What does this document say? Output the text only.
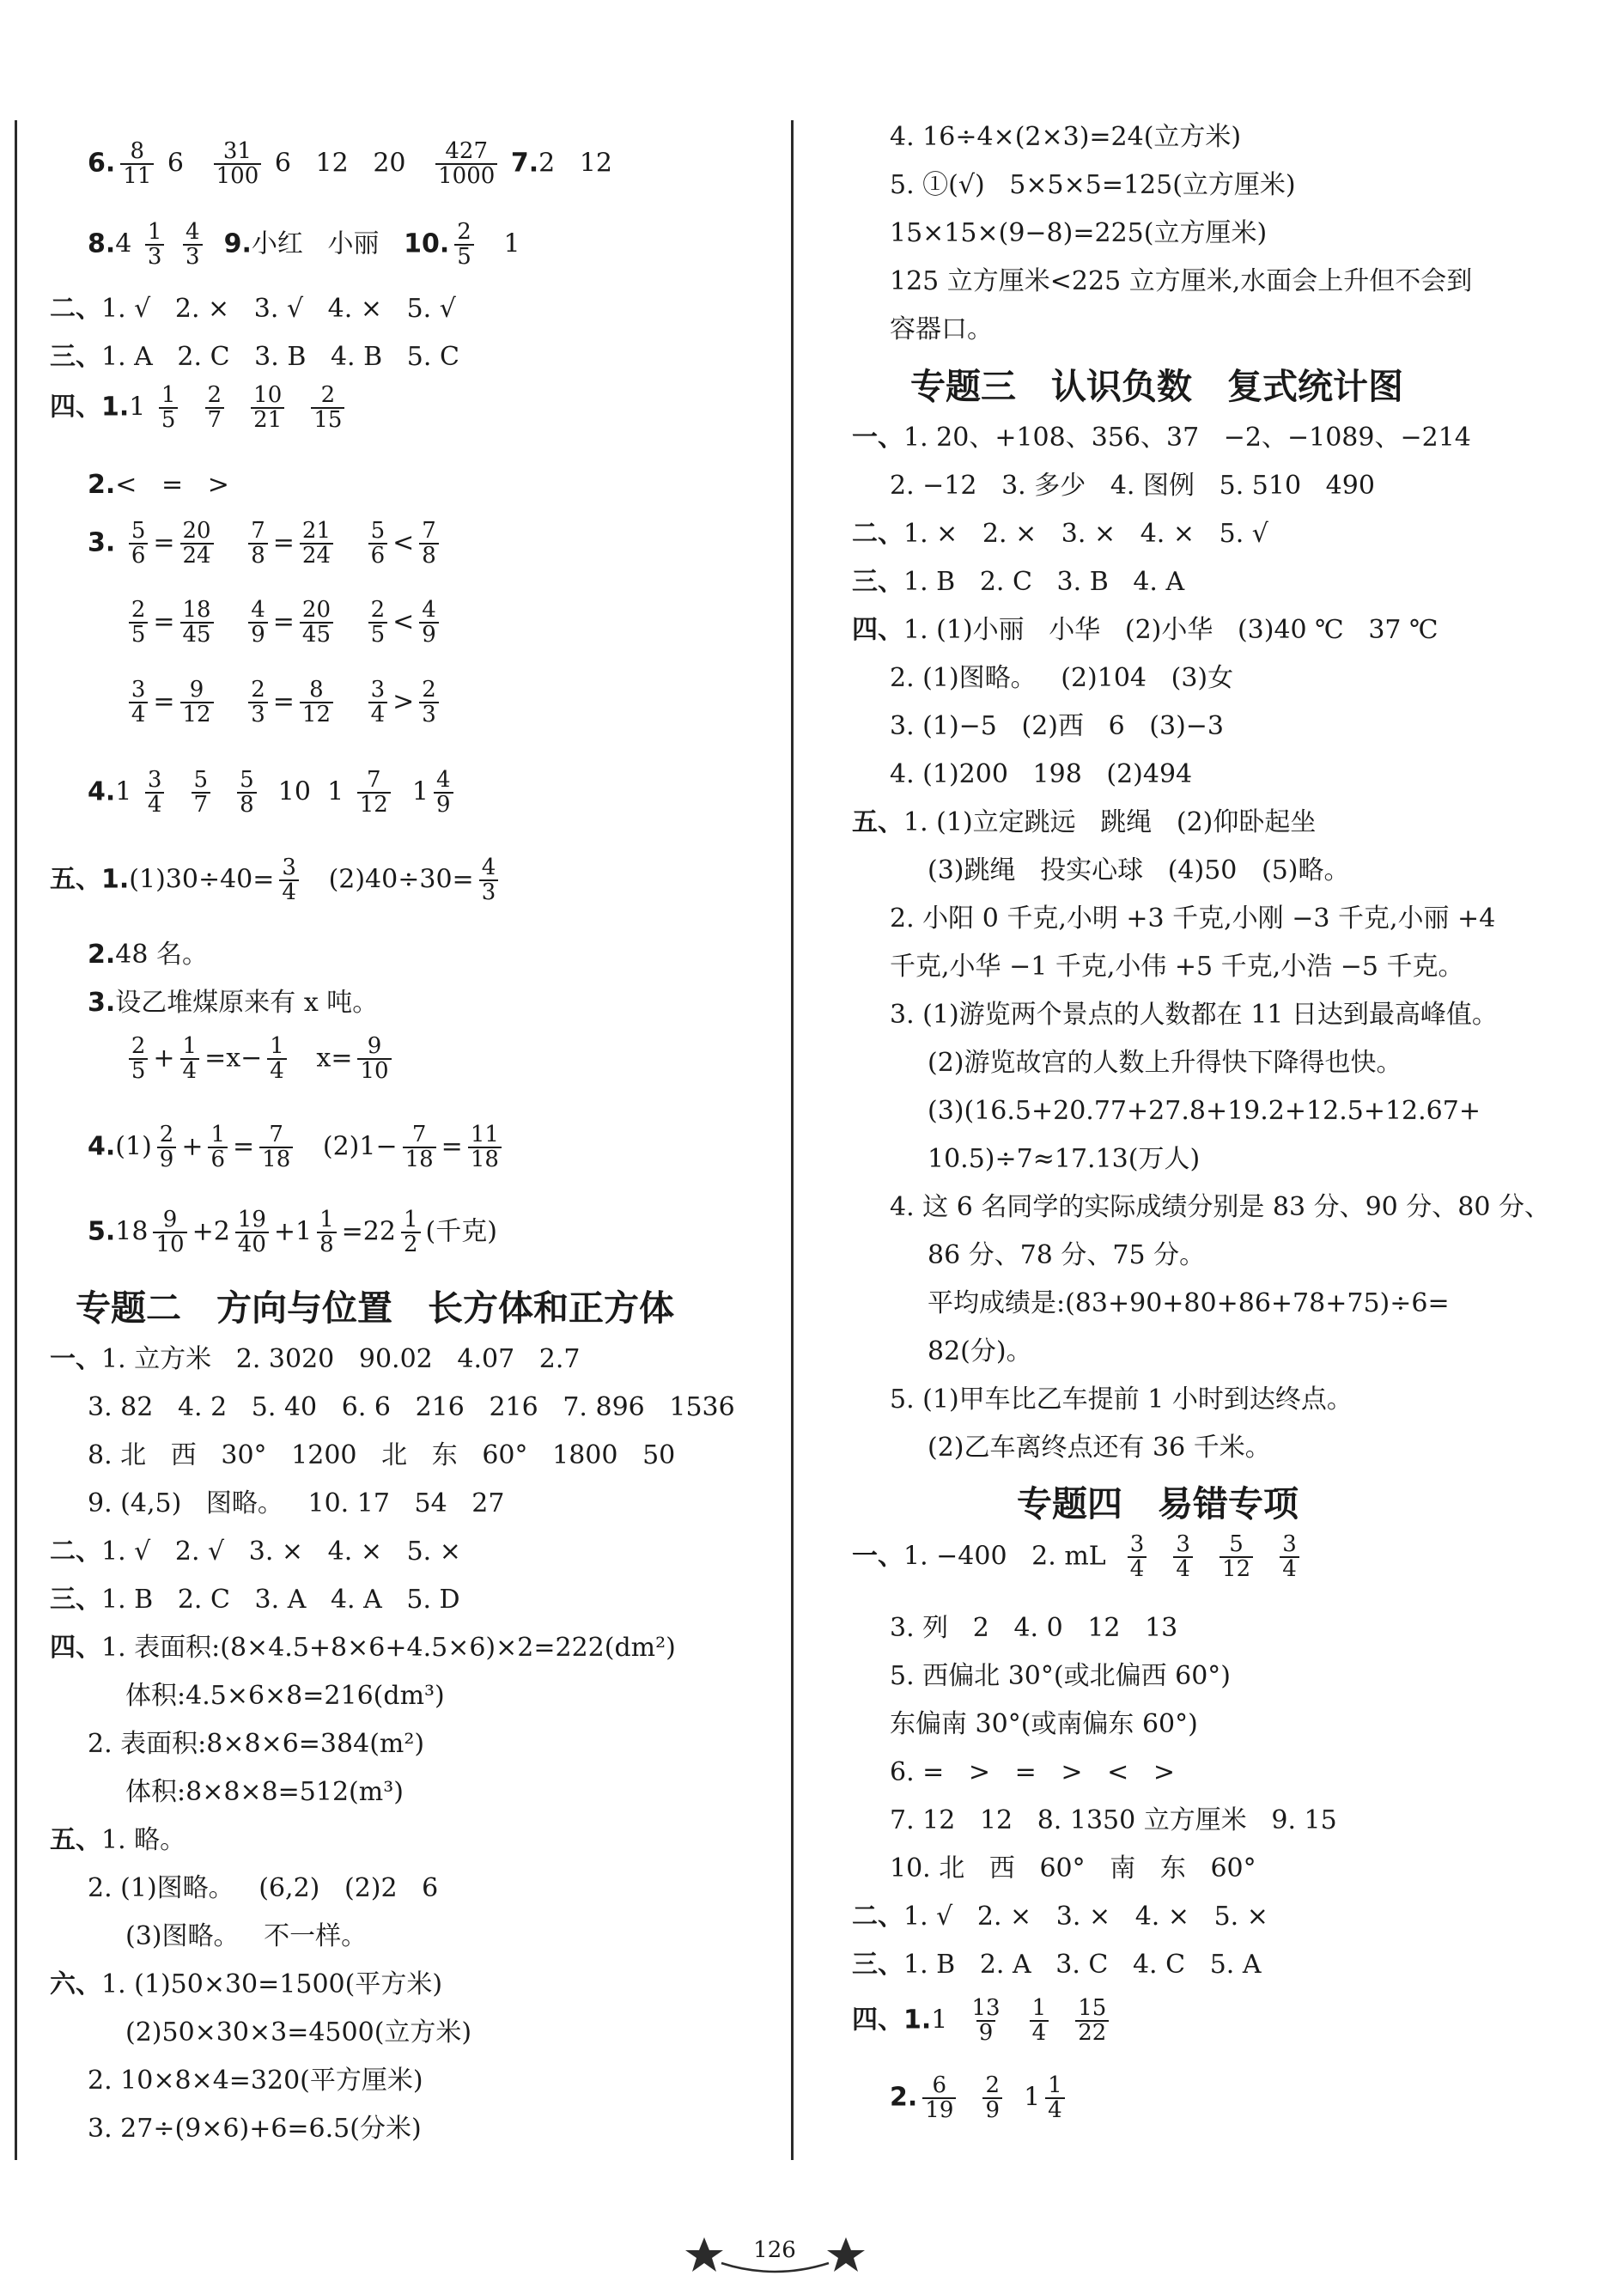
6. $\frac{8}{11} 6 \frac{31}{100} 6$ 12 $20 \frac{427}{1000} 7.2$ 12
$8.4 \frac{1}{3}$
$\frac{4}{3} 9$.小红 小丽 10. $\frac{2}{5} 1$
二、1. √   2. ×   3. √   4. ×   5. √
三、1. A   2. C   3. B   4. B   5. C
四、$1.1 \frac{1}{5}$
$\frac{2}{7}$
$\frac{10}{21}$
$\frac{2}{15}$
2.<   =   >
3. $\frac{5}{6} = \frac{20}{24}$
$\frac{7}{8} = \frac{21}{24}$
$\frac{5}{6} < \frac{7}{8}$
$\frac{2}{5} = \frac{18}{45}$
$\frac{4}{9} = \frac{20}{45}$
$\frac{2}{5} < \frac{4}{9}$
$\frac{3}{4} = \frac{9}{12}$
$\frac{2}{3} = \frac{8}{12}$
$\frac{3}{4} > \frac{2}{3}$
$4.1 \frac{3}{4}$
$\frac{5}{7}$
$\frac{5}{8} 10$ $1 \frac{7}{12} 1 \frac{4}{9}$
五、$1.(1)30\div 40= \frac{3}{4} (2)40\div 30= \frac{4}{3}$
2.48 名。
3.设乙堆煤原来有 x 吨。
$\frac{2}{5} + \frac{1}{4} =x- \frac{1}{4} x= \frac{9}{10}$
$4.(1) \frac{2}{9} + \frac{1}{6} = \frac{7}{18} (2)1- \frac{7}{18} = \frac{11}{18}$
$5.18 \frac{9}{10} +2 \frac{19}{40} +1 \frac{1}{8} =22 \frac{1}{2}$ (千克)
专题二　方向与位置　长方体和正方体
一、1. 立方米   2. 3020   90.02   4.07   2.7
3. 82   4. 2   5. 40   6. 6   216   216   7. 896   1536
8. 北   西   30°   1200   北   东   60°   1800   50
9. (4,5)   图略。   10. 17   54   27
二、1. √   2. √   3. ×   4. ×   5. ×
三、1. B   2. C   3. A   4. A   5. D
四、1. 表面积:(8×4.5+8×6+4.5×6)×2=222(dm²)
体积:4.5×6×8=216(dm³)
2. 表面积:8×8×6=384(m²)
体积:8×8×8=512(m³)
五、1. 略。
2. (1)图略。   (6,2)   (2)2   6
(3)图略。   不一样。
六、1. (1)50×30=1500(平方米)
(2)50×30×3=4500(立方米)
2. 10×8×4=320(平方厘米)
3. 27÷(9×6)+6=6.5(分米)
4. 16÷4×(2×3)=24(立方米)
5. ①(√)   5×5×5=125(立方厘米)
15×15×(9−8)=225(立方厘米)
125 立方厘米<225 立方厘米,水面会上升但不会到
容器口。
专题三　认识负数　复式统计图
一、1. 20、+108、356、37   −2、−1089、−214
2. −12   3. 多少   4. 图例   5. 510   490
二、1. ×   2. ×   3. ×   4. ×   5. √
三、1. B   2. C   3. B   4. A
四、1. (1)小丽   小华   (2)小华   (3)40 ℃   37 ℃
2. (1)图略。   (2)104   (3)女
3. (1)−5   (2)西   6   (3)−3
4. (1)200   198   (2)494
五、1. (1)立定跳远   跳绳   (2)仰卧起坐
(3)跳绳   投实心球   (4)50   (5)略。
2. 小阳 0 千克,小明 +3 千克,小刚 −3 千克,小丽 +4
千克,小华 −1 千克,小伟 +5 千克,小浩 −5 千克。
3. (1)游览两个景点的人数都在 11 日达到最高峰值。
(2)游览故宫的人数上升得快下降得也快。
(3)(16.5+20.77+27.8+19.2+12.5+12.67+
10.5)÷7≈17.13(万人)
4. 这 6 名同学的实际成绩分别是 83 分、90 分、80 分、
86 分、78 分、75 分。
平均成绩是:(83+90+80+86+78+75)÷6=
82(分)。
5. (1)甲车比乙车提前 1 小时到达终点。
(2)乙车离终点还有 36 千米。
专题四　易错专项
一、1. −400   2. mL $\frac{3}{4}$
$\frac{3}{4}$
$\frac{5}{12}$
$\frac{3}{4}$
3. 列   2   4. 0   12   13
5. 西偏北 30°(或北偏西 60°)
东偏南 30°(或南偏东 60°)
6. =   >   =   >   <   >
7. 12   12   8. 1350 立方厘米   9. 15
10. 北   西   60°   南   东   60°
二、1. √   2. ×   3. ×   4. ×   5. ×
三、1. B   2. A   3. C   4. C   5. A
四、$1.1 \frac{13}{9}$
$\frac{1}{4}$
$\frac{15}{22}$
2. $\frac{6}{19}$
$\frac{2}{9} 1 \frac{1}{4}$
126
